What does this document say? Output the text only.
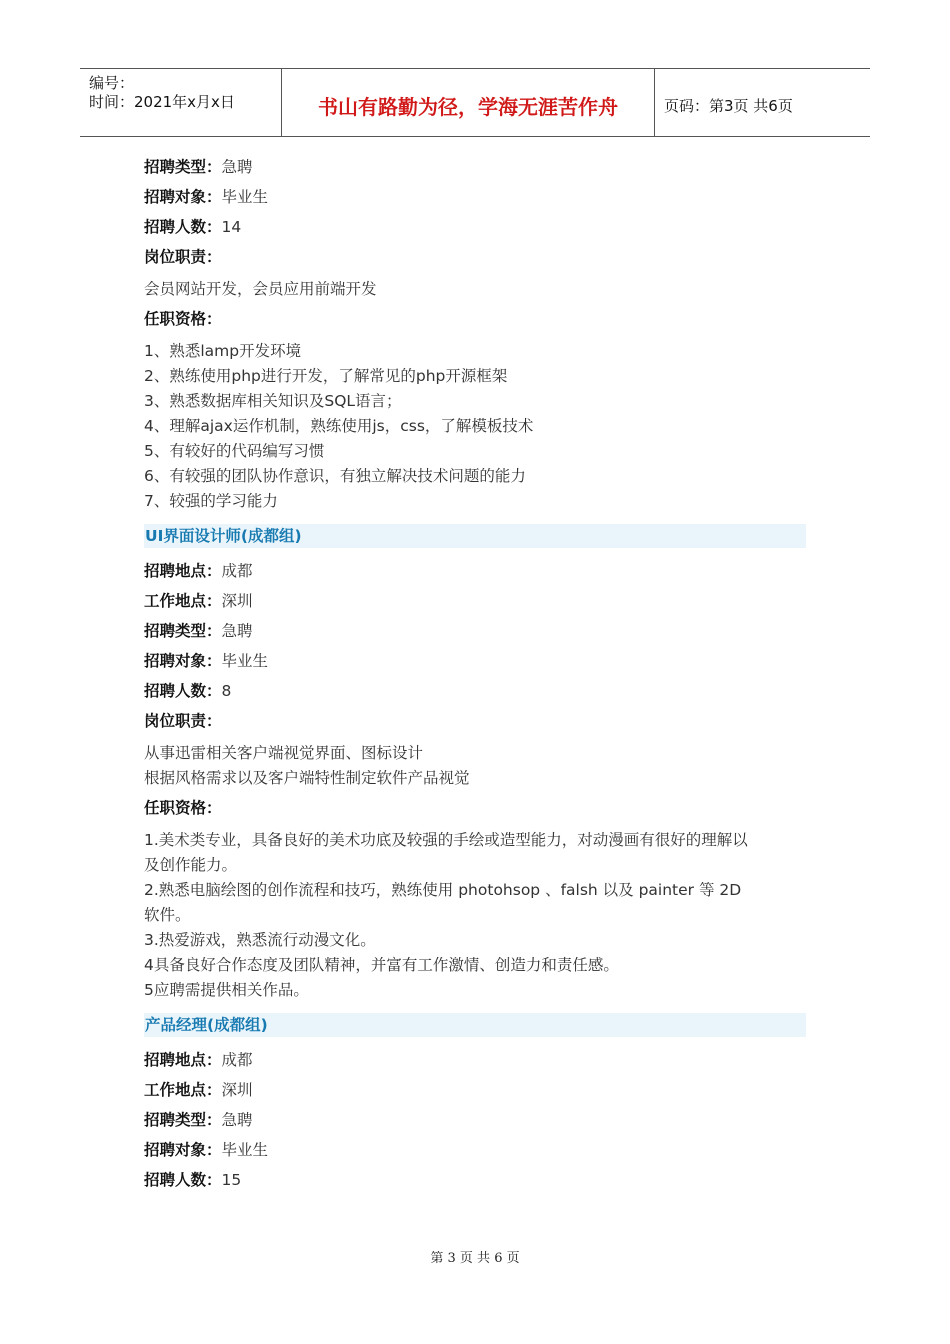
编号：
时间：2021年x月x日	书山有路勤为径，学海无涯苦作舟	页码：第3页 共6页
招聘类型：急聘
招聘对象：毕业生
招聘人数：14
岗位职责：
会员网站开发，会员应用前端开发
任职资格：
1、熟悉lamp开发环境
2、熟练使用php进行开发，了解常见的php开源框架
3、熟悉数据库相关知识及SQL语言；
4、理解ajax运作机制，熟练使用js，css，了解模板技术
5、有较好的代码编写习惯
6、有较强的团队协作意识，有独立解决技术问题的能力
7、较强的学习能力
UI界面设计师(成都组)
招聘地点：成都
工作地点：深圳
招聘类型：急聘
招聘对象：毕业生
招聘人数：8
岗位职责：
从事迅雷相关客户端视觉界面、图标设计
根据风格需求以及客户端特性制定软件产品视觉
任职资格：
1.美术类专业，具备良好的美术功底及较强的手绘或造型能力，对动漫画有很好的理解以
及创作能力。
2.熟悉电脑绘图的创作流程和技巧，熟练使用 photohsop 、falsh 以及 painter 等 2D
软件。
3.热爱游戏，熟悉流行动漫文化。
4具备良好合作态度及团队精神，并富有工作激情、创造力和责任感。
5应聘需提供相关作品。
产品经理(成都组)
招聘地点：成都
工作地点：深圳
招聘类型：急聘
招聘对象：毕业生
招聘人数：15
第 3 页 共 6 页
